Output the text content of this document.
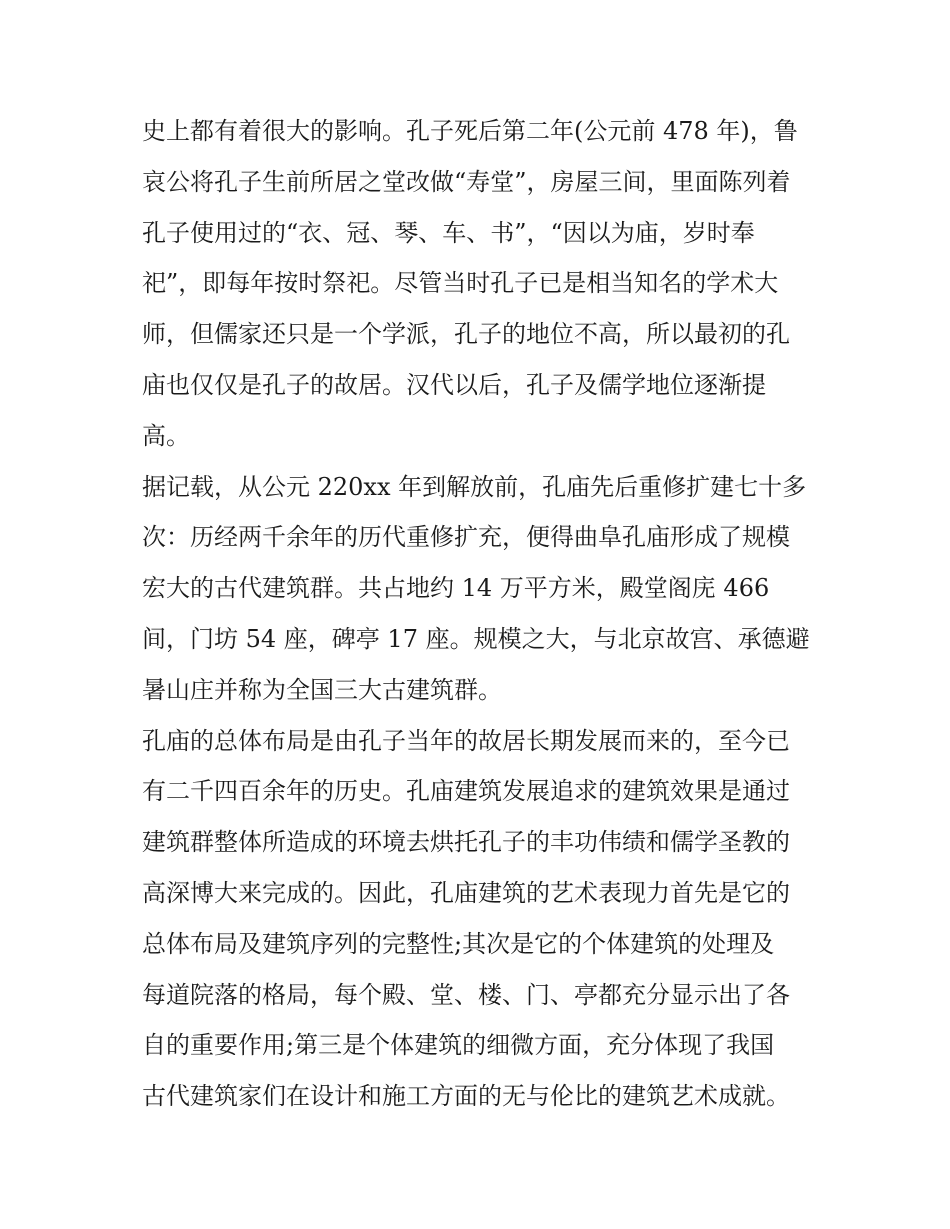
史上都有着很大的影响。孔子死后第二年(公元前 478 年)，鲁
哀公将孔子生前所居之堂改做“寿堂”，房屋三间，里面陈列着
孔子使用过的“衣、冠、琴、车、书”，“因以为庙，岁时奉
祀”，即每年按时祭祀。尽管当时孔子已是相当知名的学术大
师，但儒家还只是一个学派，孔子的地位不高，所以最初的孔
庙也仅仅是孔子的故居。汉代以后，孔子及儒学地位逐渐提
高。
据记载，从公元 220xx 年到解放前，孔庙先后重修扩建七十多
次：历经两千余年的历代重修扩充，便得曲阜孔庙形成了规模
宏大的古代建筑群。共占地约 14 万平方米，殿堂阁庑 466
间，门坊 54 座，碑亭 17 座。规模之大，与北京故宫、承德避
暑山庄并称为全国三大古建筑群。
孔庙的总体布局是由孔子当年的故居长期发展而来的，至今已
有二千四百余年的历史。孔庙建筑发展追求的建筑效果是通过
建筑群整体所造成的环境去烘托孔子的丰功伟绩和儒学圣教的
高深博大来完成的。因此，孔庙建筑的艺术表现力首先是它的
总体布局及建筑序列的完整性;其次是它的个体建筑的处理及
每道院落的格局，每个殿、堂、楼、门、亭都充分显示出了各
自的重要作用;第三是个体建筑的细微方面，充分体现了我国
古代建筑家们在设计和施工方面的无与伦比的建筑艺术成就。
